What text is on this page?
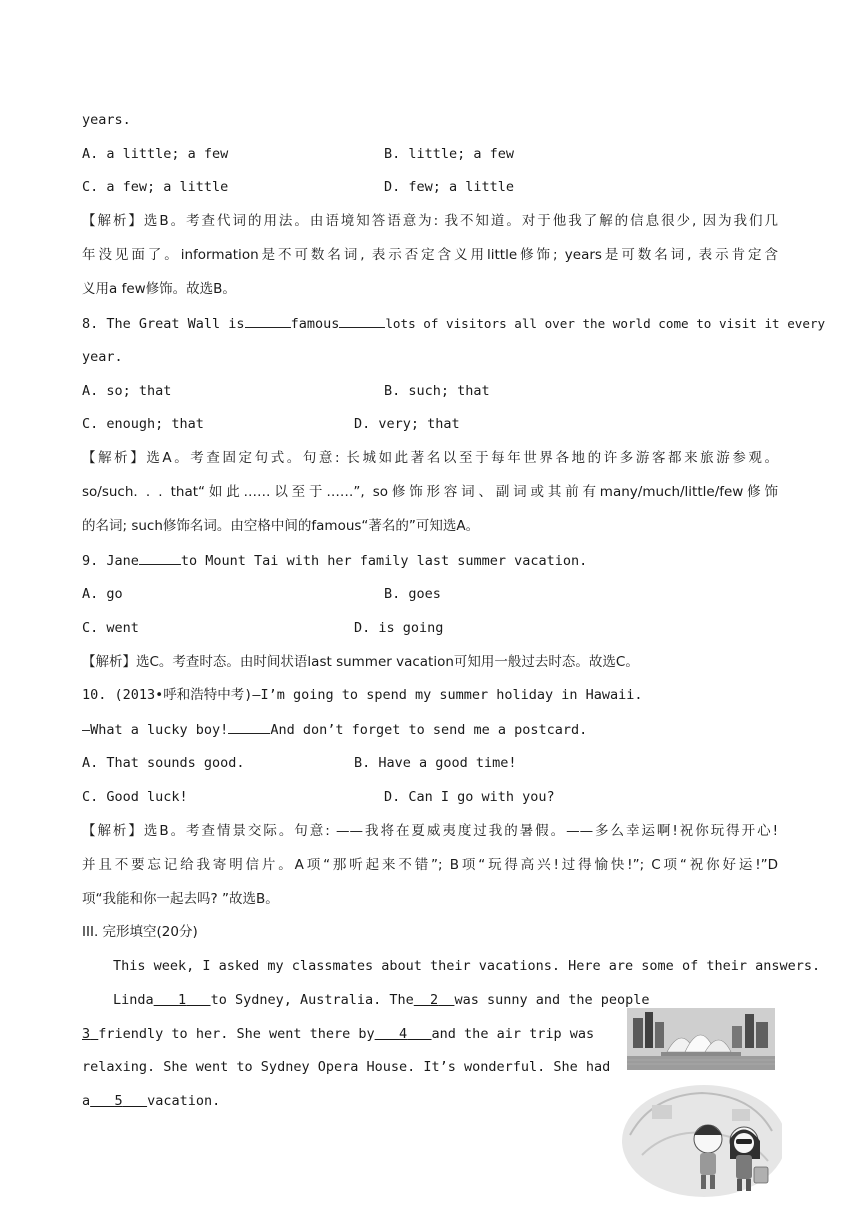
years.
A. a little; a few	B. little; a few
C. a few; a little	D. few; a little
【解析】选B。考查代词的用法。由语境知答语意为: 我不知道。对于他我了解的信息很少, 因为我们几
年没见面了。information是不可数名词, 表示否定含义用little修饰; years是可数名词, 表示肯定含
义用a few修饰。故选B。
8. The Great Wall is	famous	lots of visitors all over the world come to visit it every
year.
A. so; that	B. such; that
C. enough; that	D. very; that
【解析】选A。考查固定句式。句意: 长城如此著名以至于每年世界各地的许多游客都来旅游参观。
so/such. . . that“如此……以至于……”, so修饰形容词、副词或其前有many/much/little/few修饰
的名词; such修饰名词。由空格中间的famous“著名的”可知选A。
9. Jane	to Mount Tai with her family last summer vacation.
A. go	B. goes
C. went	D. is going
【解析】选C。考查时态。由时间状语last summer vacation可知用一般过去时态。故选C。
10. (2013•呼和浩特中考)—I’m going to spend my summer holiday in Hawaii.
—What a lucky boy!	And don’t forget to send me a postcard.
A. That sounds good.	B. Have a good time!
C. Good luck!	D. Can I go with you?
【解析】选B。考查情景交际。句意: ——我将在夏威夷度过我的暑假。——多么幸运啊!祝你玩得开心!
并且不要忘记给我寄明信片。A项“那听起来不错”; B项“玩得高兴!过得愉快!”; C项“祝你好运!”D
项“我能和你一起去吗? ”故选B。
III. 完形填空(20分)
This week, I asked my classmates about their vacations. Here are some of their answers.
Linda 1 to Sydney, Australia. The 2 was sunny and the people
3 friendly to her. She went there by 4 and the air trip was
relaxing. She went to Sydney Opera House. It’s wonderful. She had
a 5 vacation.
